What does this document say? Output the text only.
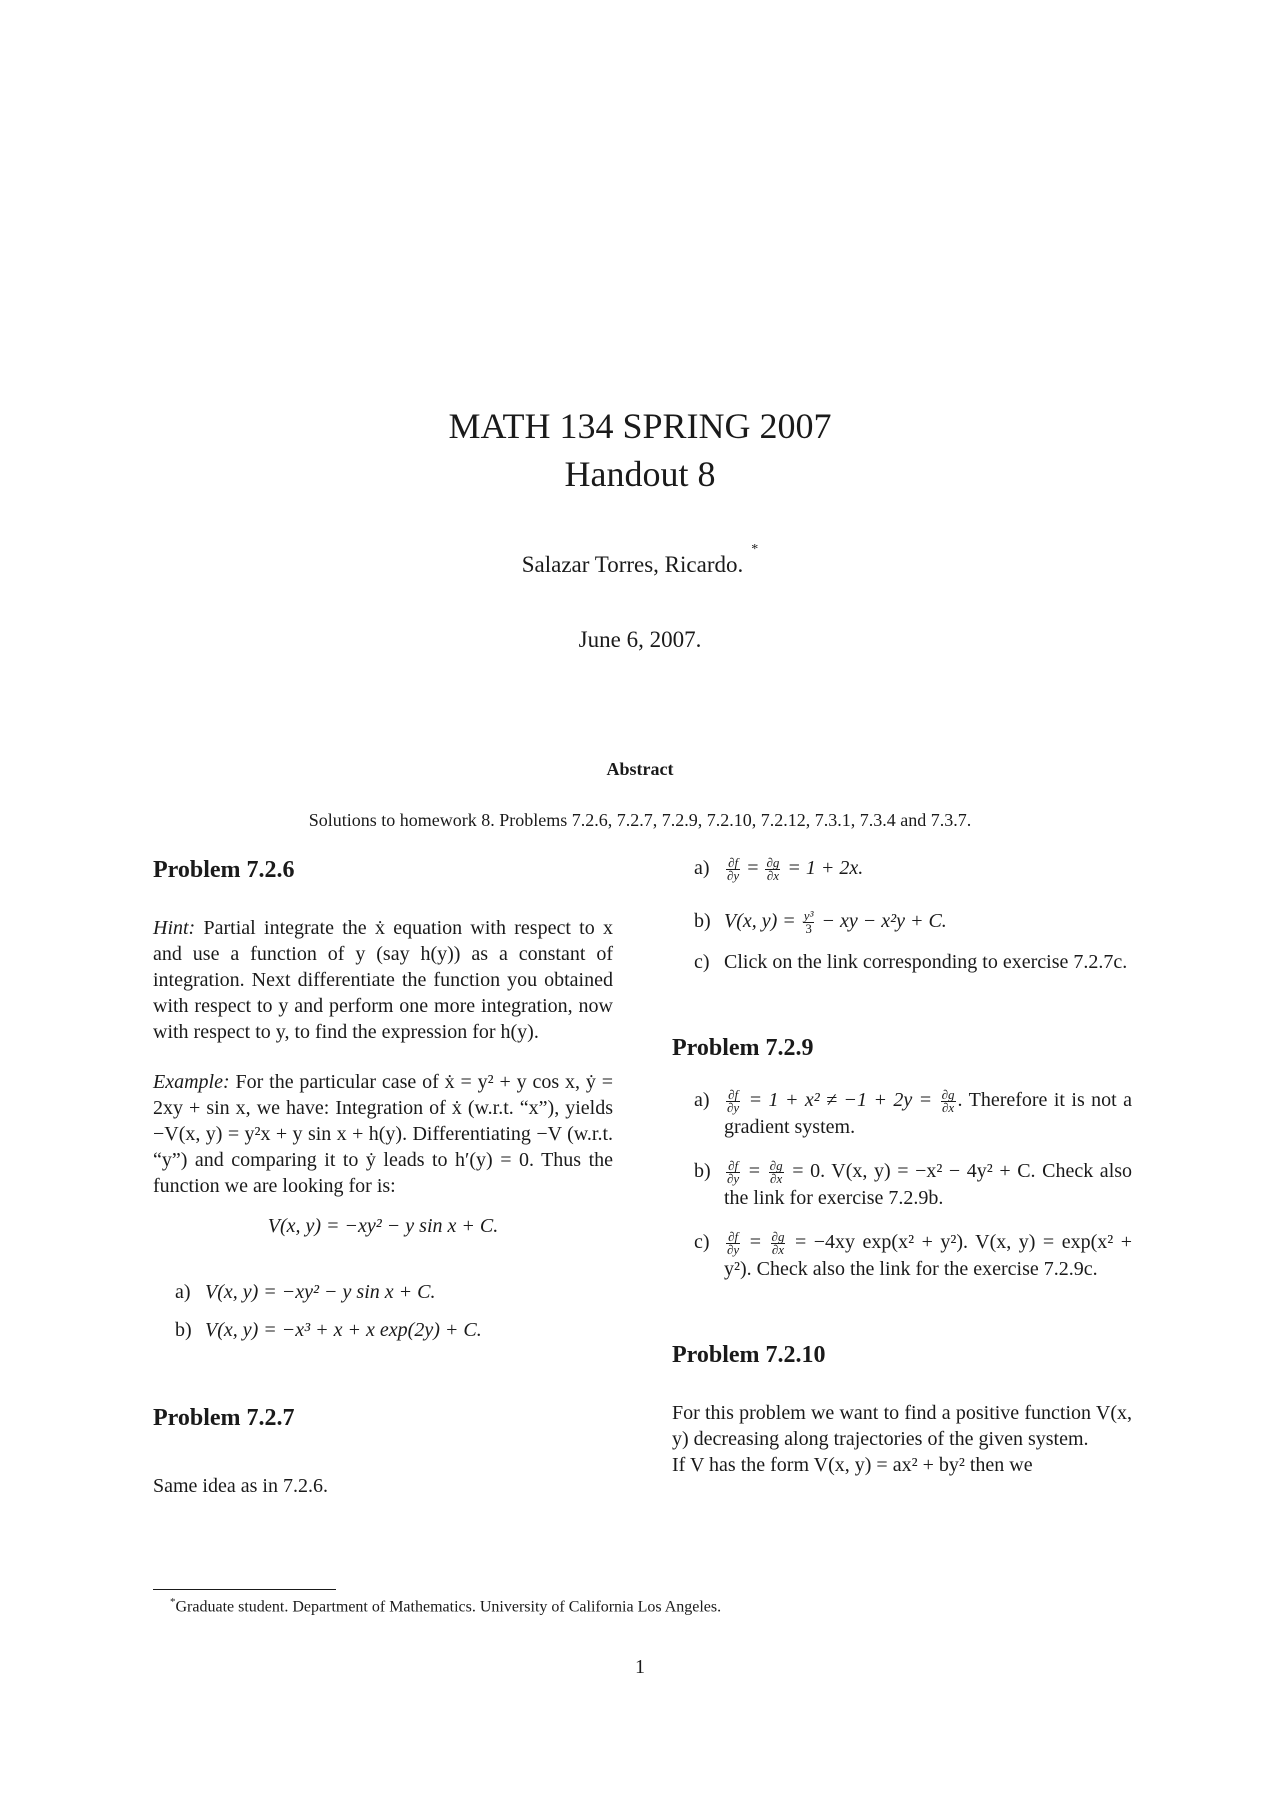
MATH 134 SPRING 2007
Handout 8
Salazar Torres, Ricardo.*
June 6, 2007.
Abstract
Solutions to homework 8. Problems 7.2.6, 7.2.7, 7.2.9, 7.2.10, 7.2.12, 7.3.1, 7.3.4 and 7.3.7.
Problem 7.2.6

Hint: Partial integrate the ẋ equation with respect to x and use a function of y (say h(y)) as a constant of integration. Next differentiate the function you obtained with respect to y and perform one more integration, now with respect to y, to find the expression for h(y).

Example: For the particular case of ẋ = y² + y cos x, ẏ = 2xy + sin x, we have: Integration of ẋ (w.r.t. “x”), yields −V(x, y) = y²x + y sin x + h(y). Differentiating −V (w.r.t. “y”) and comparing it to ẏ leads to h′(y) = 0. Thus the function we are looking for is:

V(x, y) = −xy² − y sin x + C.

a) V(x, y) = −xy² − y sin x + C.
b) V(x, y) = −x³ + x + x exp(2y) + C.
Problem 7.2.7

Same idea as in 7.2.6.

$a) \frac{\partial f}{\partial y} = \frac{\partial g}{\partial x} = 1 + 2x$.
b) V(x, $y) = \frac{\text{y³}}{3}$ − xy − x²y + C.
c) Click on the link corresponding to exercise 7.2.7c.
Problem 7.2.9
$a) \frac{\partial f}{\partial y} = 1 + x^2 \ne -1 + 2y = \frac{\partial g}{\partial x}$ . Therefore it is not a gradient system.
$b) \frac{\partial f}{\partial y} = \frac{\partial g}{\partial x} = 0$. V(x, y) = −x² − 4y² + C. Check also the link for exercise 7.2.9b.
$c) \frac{\partial f}{\partial y} = \frac{\partial g}{\partial x} = -4xy$ exp(x² + y²). V(x, y) = exp(x² + y²). Check also the link for the exercise 7.2.9c.
Problem 7.2.10

For this problem we want to find a positive function V(x, y) decreasing along trajectories of the given system.

If V has the form V(x, y) = ax² + by² then we

*Graduate student. Department of Mathematics. University of California Los Angeles.
1
